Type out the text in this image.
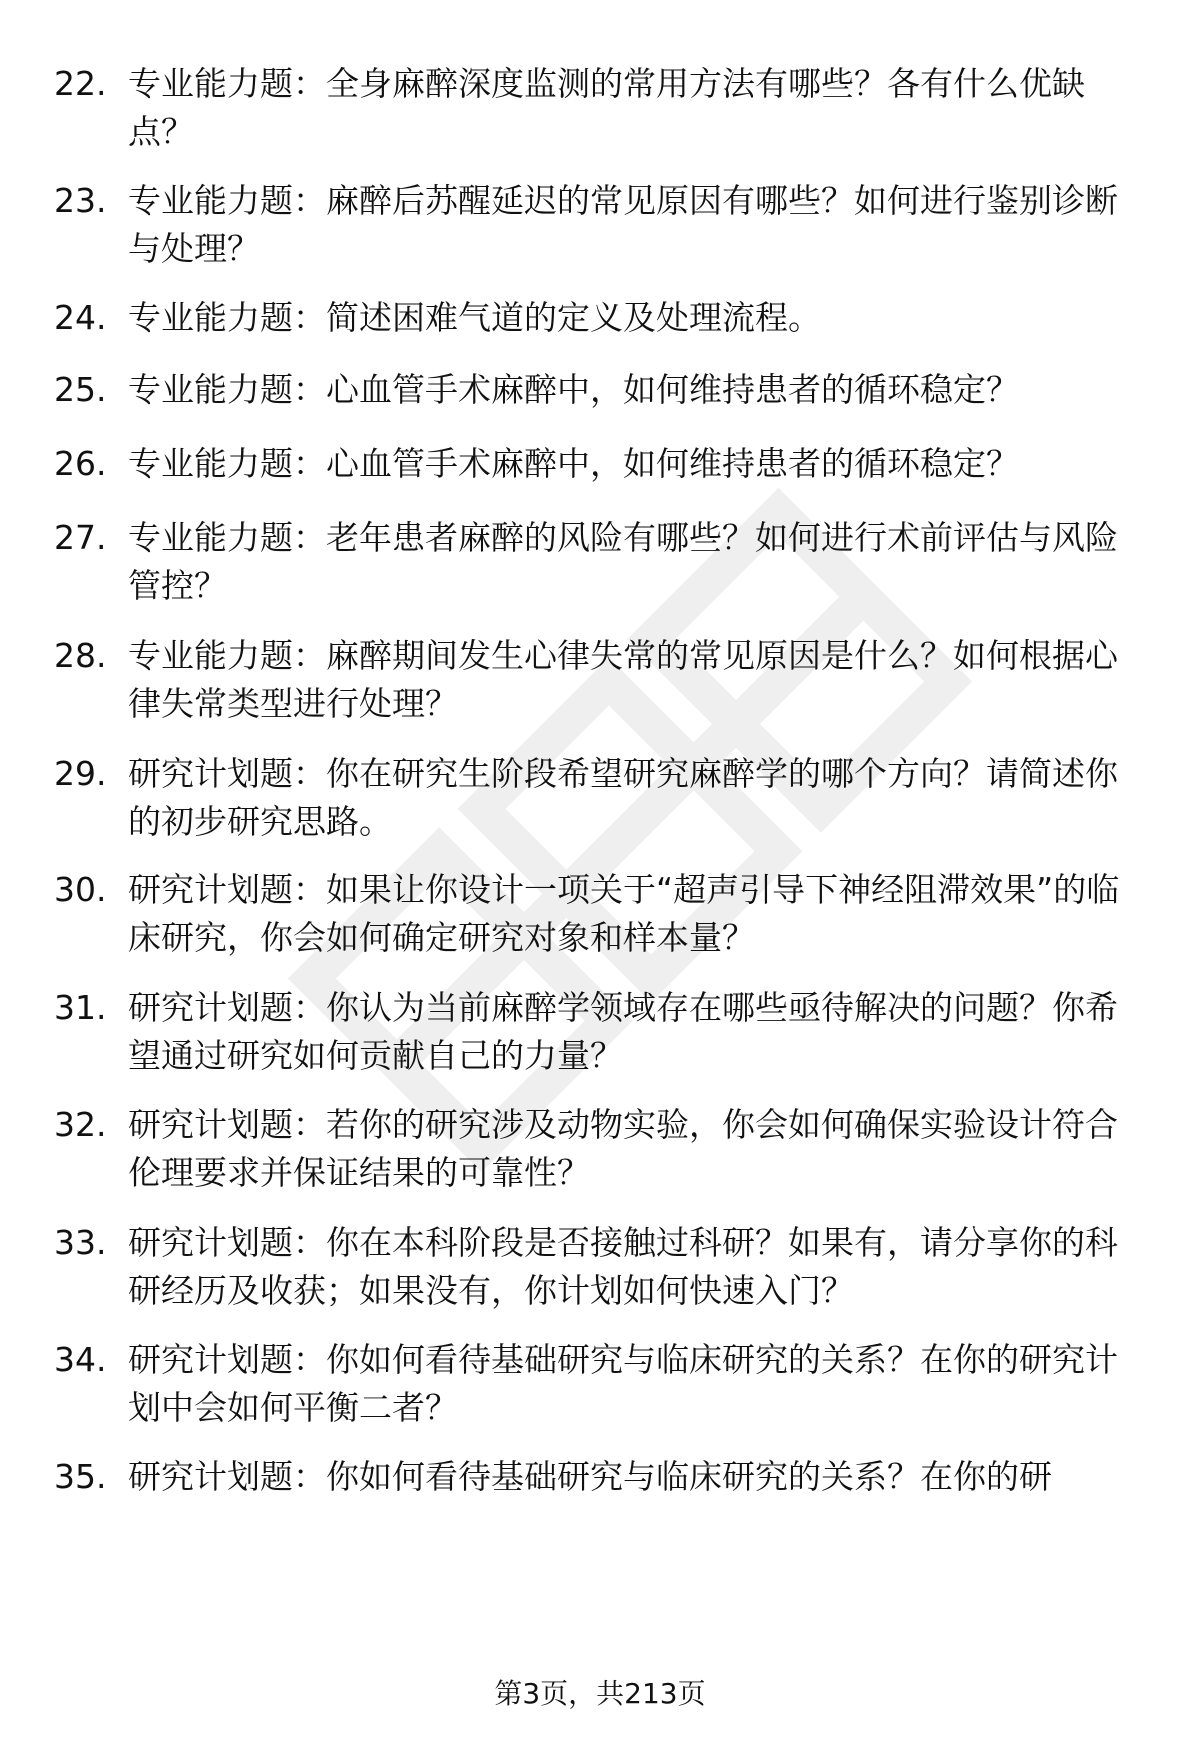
22. 专业能力题：全身麻醉深度监测的常用方法有哪些？各有什么优缺点？
23. 专业能力题：麻醉后苏醒延迟的常见原因有哪些？如何进行鉴别诊断与处理？
24. 专业能力题：简述困难气道的定义及处理流程。
25. 专业能力题：心血管手术麻醉中，如何维持患者的循环稳定？
26. 专业能力题：心血管手术麻醉中，如何维持患者的循环稳定？
27. 专业能力题：老年患者麻醉的风险有哪些？如何进行术前评估与风险管控？
28. 专业能力题：麻醉期间发生心律失常的常见原因是什么？如何根据心律失常类型进行处理？
29. 研究计划题：你在研究生阶段希望研究麻醉学的哪个方向？请简述你的初步研究思路。
30. 研究计划题：如果让你设计一项关于“超声引导下神经阻滞效果”的临床研究，你会如何确定研究对象和样本量？
31. 研究计划题：你认为当前麻醉学领域存在哪些亟待解决的问题？你希望通过研究如何贡献自己的力量？
32. 研究计划题：若你的研究涉及动物实验，你会如何确保实验设计符合伦理要求并保证结果的可靠性？
33. 研究计划题：你在本科阶段是否接触过科研？如果有，请分享你的科研经历及收获；如果没有，你计划如何快速入门？
34. 研究计划题：你如何看待基础研究与临床研究的关系？在你的研究计划中会如何平衡二者？
35. 研究计划题：你如何看待基础研究与临床研究的关系？在你的研
第3页，共213页
